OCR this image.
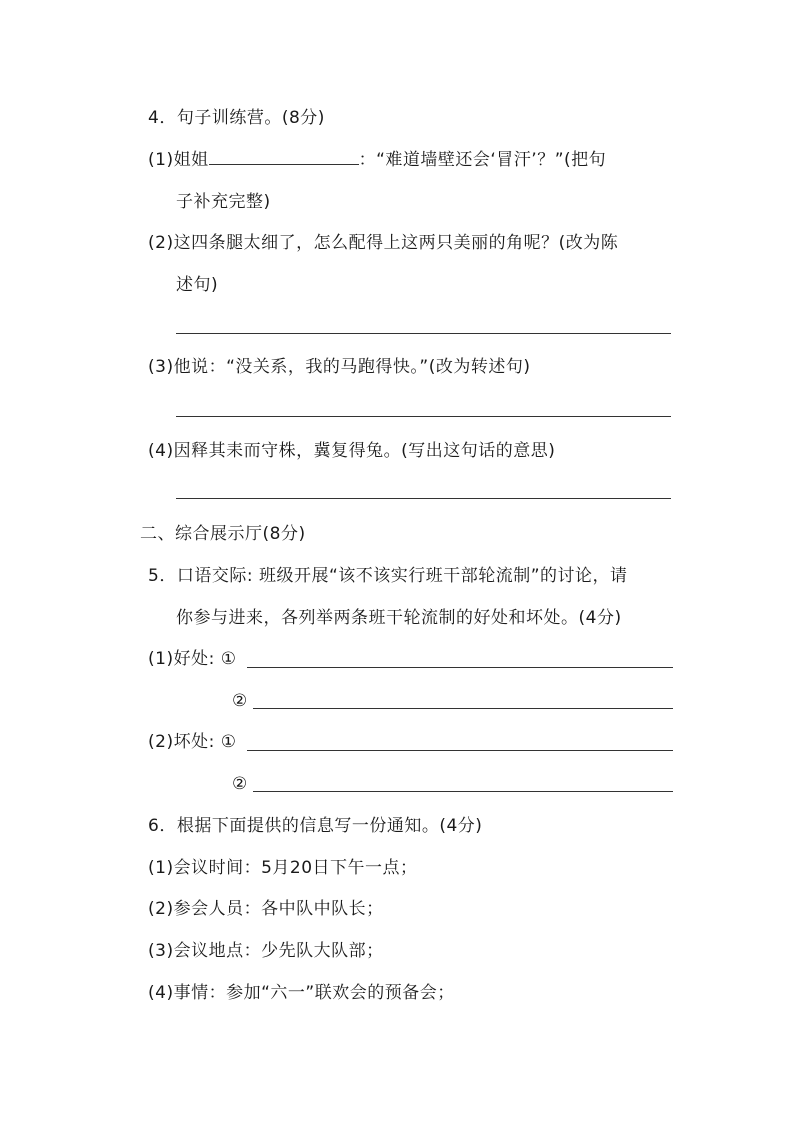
4．句子训练营。(8分)
(1)姐姐	：“难道墙壁还会‘冒汗’？”(把句
子补充完整)
(2)这四条腿太细了，怎么配得上这两只美丽的角呢？(改为陈
述句)
(3)他说：“没关系，我的马跑得快。”(改为转述句)
(4)因释其耒而守株，冀复得兔。(写出这句话的意思)
二、综合展示厅(8分)
5．口语交际: 班级开展“该不该实行班干部轮流制”的讨论，请
你参与进来，各列举两条班干轮流制的好处和坏处。(4分)
(1)好处: ①
②
(2)坏处: ①
②
6．根据下面提供的信息写一份通知。(4分)
(1)会议时间：5月20日下午一点；
(2)参会人员：各中队中队长；
(3)会议地点：少先队大队部；
(4)事情：参加“六一”联欢会的预备会；
